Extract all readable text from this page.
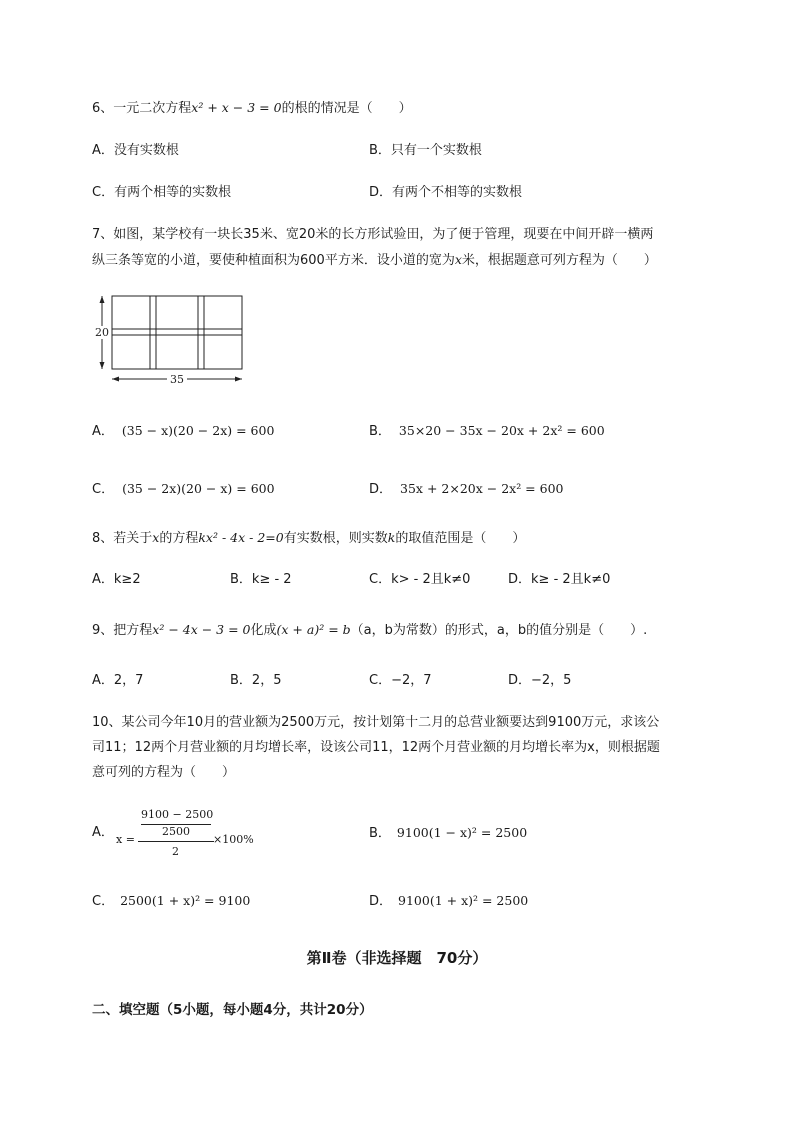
6、一元二次方程x² + x − 3 = 0的根的情况是（　　）
A．没有实数根	B．只有一个实数根
C．有两个相等的实数根	D．有两个不相等的实数根
7、如图，某学校有一块长35米、宽20米的长方形试验田，为了便于管理，现要在中间开辟一横两
纵三条等宽的小道，要使种植面积为600平方米．设小道的宽为x米，根据题意可列方程为（　　）
20
35
A． (35 − x)(20 − 2x) = 600	B． 35×20 − 35x − 20x + 2x² = 600
C． (35 − 2x)(20 − x) = 600	D． 35x + 2×20x − 2x² = 600
8、若关于x的方程kx² - 4x - 2=0有实数根，则实数k的取值范围是（　　）
A．k≥2	B．k≥ - 2	C．k> - 2且k≠0	D．k≥ - 2且k≠0
9、把方程x² − 4x − 3 = 0化成(x + a)² = b（a，b为常数）的形式，a，b的值分别是（　　）.
A．2，7	B．2，5	C．−2，7	D．−2，5
10、某公司今年10月的营业额为2500万元，按计划第十二月的总营业额要达到9100万元，求该公
司11；12两个月营业额的月均增长率，设该公司11，12两个月营业额的月均增长率为x，则根据题
意可列的方程为（　　）
A． x =
9100 − 2500
2500
2
×100%	B． 9100(1 − x)² = 2500
C． 2500(1 + x)² = 9100	D． 9100(1 + x)² = 2500
第Ⅱ卷（非选择题　70分）
二、填空题（5小题，每小题4分，共计20分）
